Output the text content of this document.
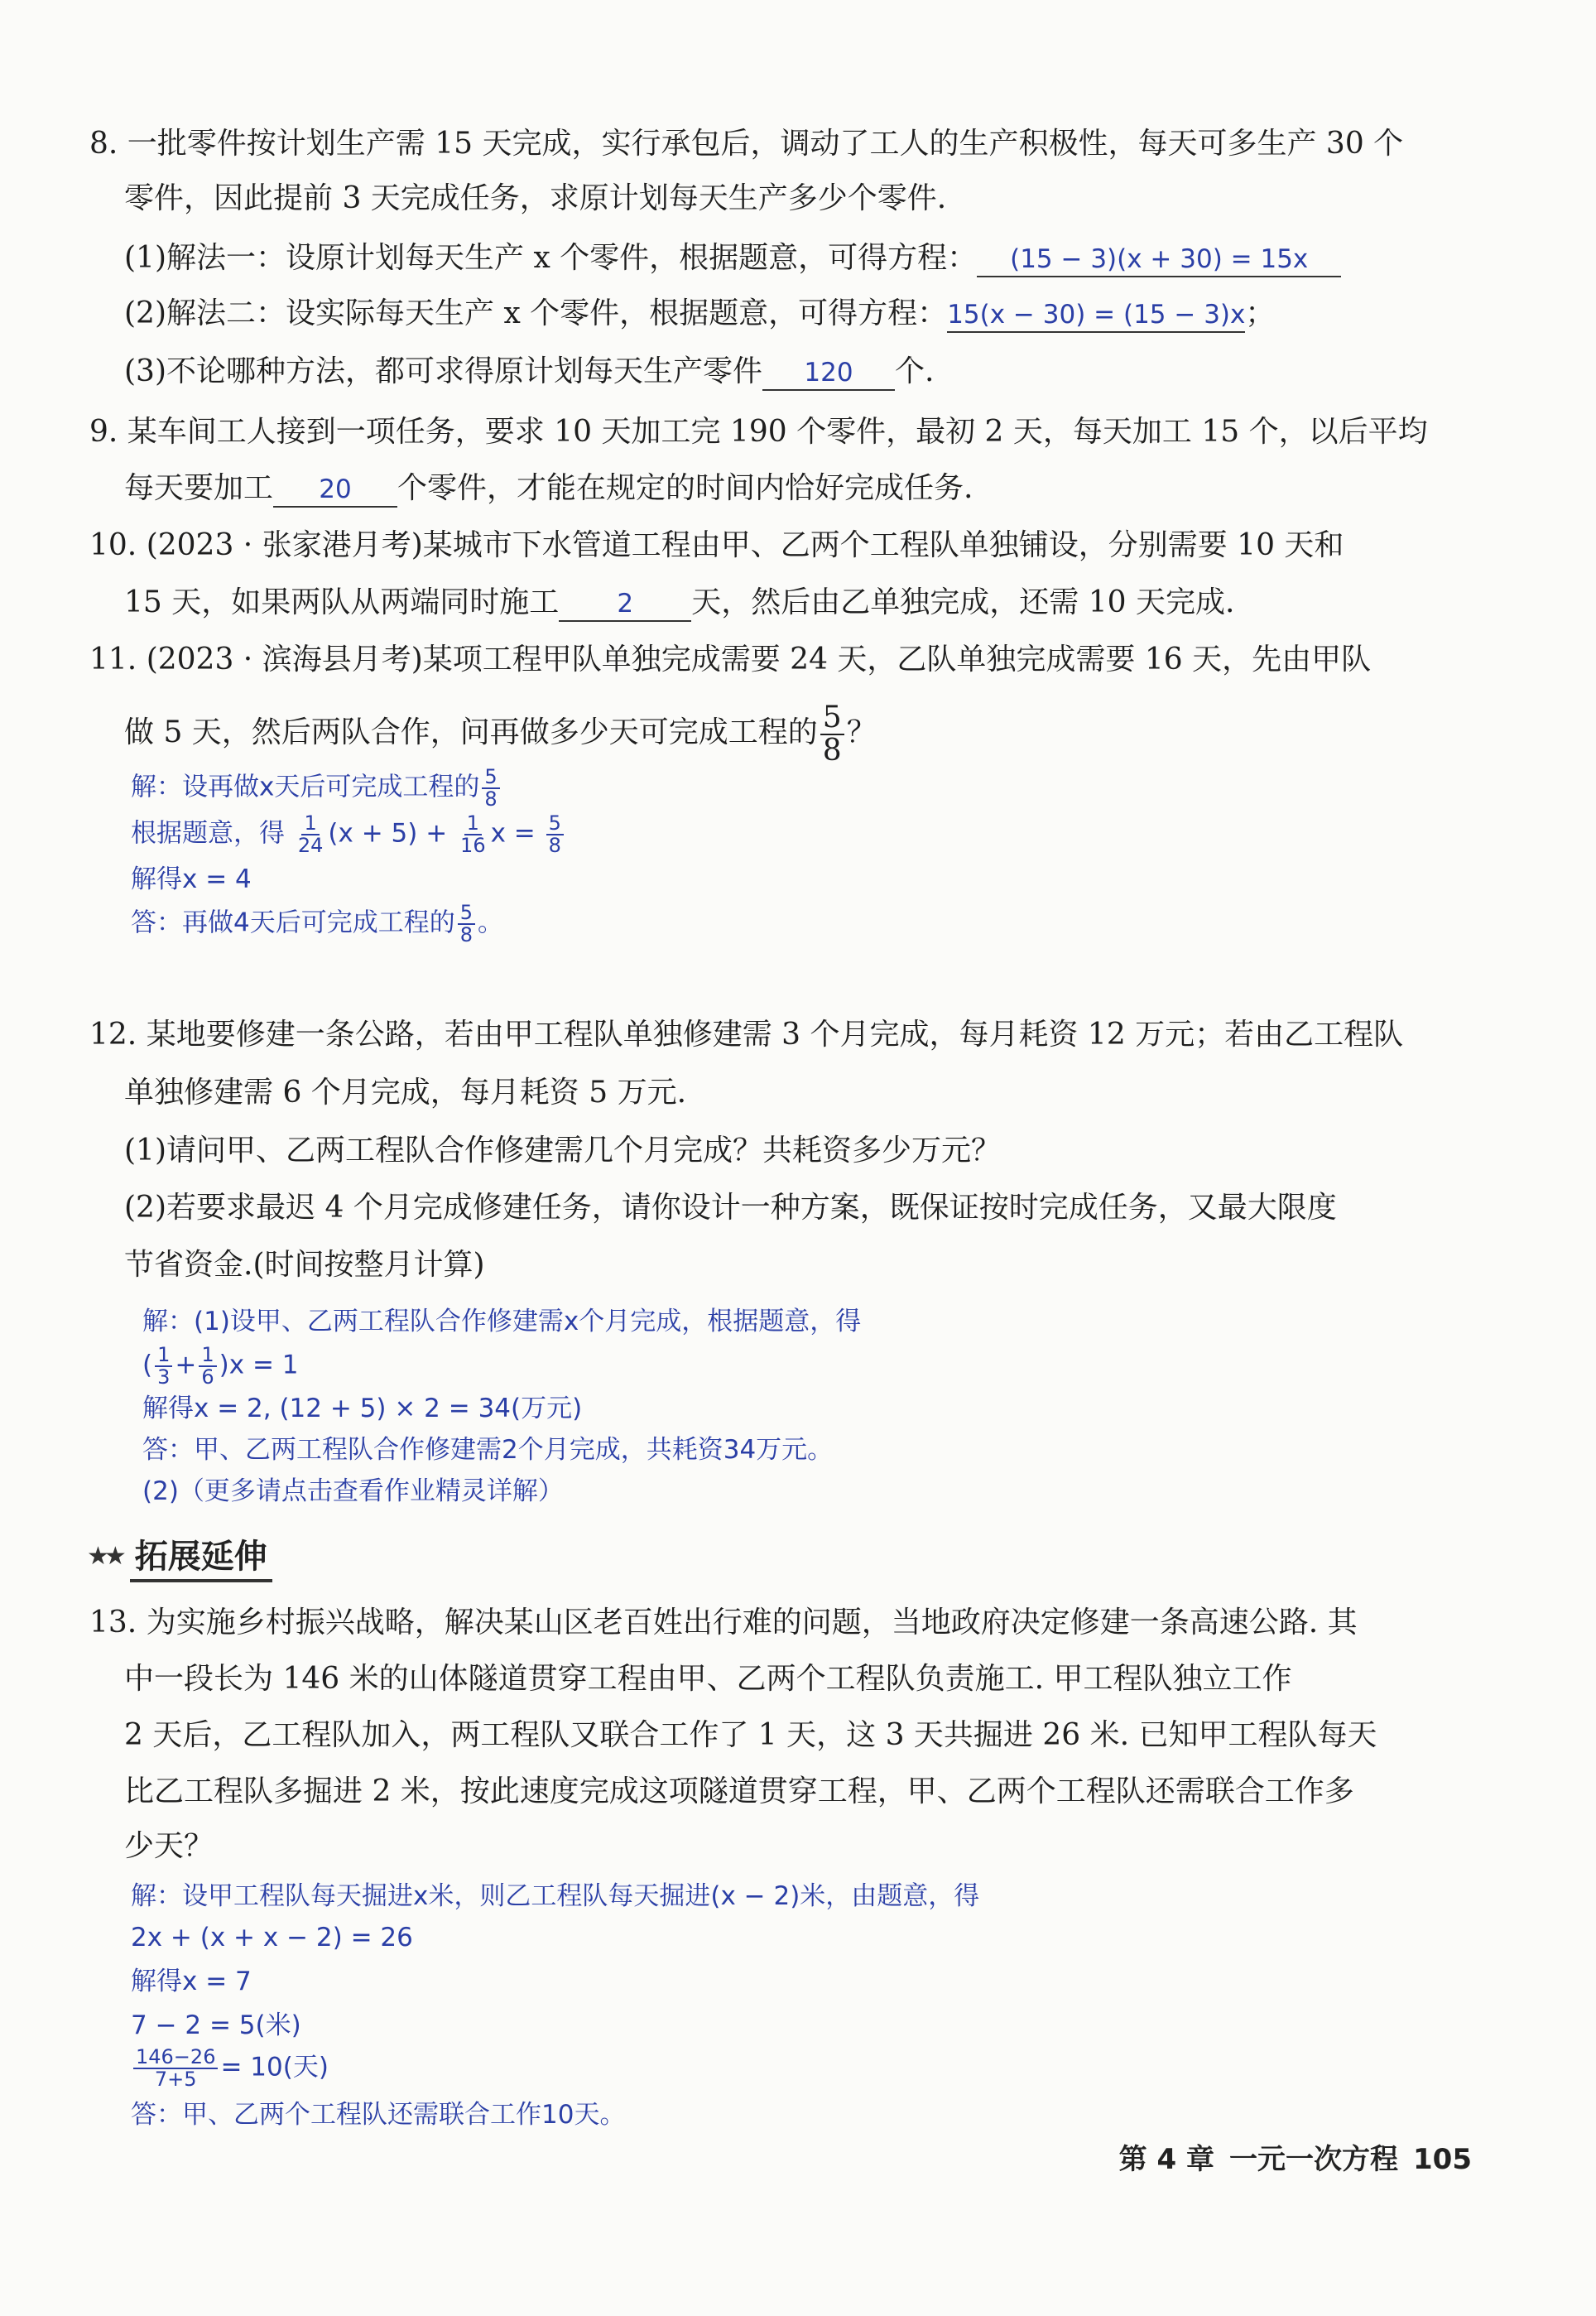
8. 一批零件按计划生产需 15 天完成，实行承包后，调动了工人的生产积极性，每天可多生产 30 个
零件，因此提前 3 天完成任务，求原计划每天生产多少个零件.
(1)解法一：设原计划每天生产 x 个零件，根据题意，可得方程： (15 − 3)(x + 30) = 15x
(2)解法二：设实际每天生产 x 个零件，根据题意，可得方程：15(x − 30) = (15 − 3)x；
(3)不论哪种方法，都可求得原计划每天生产零件 120 个.
9. 某车间工人接到一项任务，要求 10 天加工完 190 个零件，最初 2 天，每天加工 15 个，以后平均
每天要加工 20 个零件，才能在规定的时间内恰好完成任务.
10. (2023 · 张家港月考)某城市下水管道工程由甲、乙两个工程队单独铺设，分别需要 10 天和
15 天，如果两队从两端同时施工 2 天，然后由乙单独完成，还需 10 天完成.
11. (2023 · 滨海县月考)某项工程甲队单独完成需要 24 天，乙队单独完成需要 16 天，先由甲队
做 5 天，然后两队合作，问再做多少天可完成工程的 $\frac{5}{8}$ ？
解：设再做x天后可完成工程的 $\frac{5}{8}$
根据题意，得 $\frac{1}{24} (x + 5) + \frac{1}{16}$ $x = \frac{5}{8}$
解得x = 4
答：再做4天后可完成工程的 $\frac{5}{8}$ 。
12. 某地要修建一条公路，若由甲工程队单独修建需 3 个月完成，每月耗资 12 万元；若由乙工程队
单独修建需 6 个月完成，每月耗资 5 万元.
(1)请问甲、乙两工程队合作修建需几个月完成？共耗资多少万元？
(2)若要求最迟 4 个月完成修建任务，请你设计一种方案，既保证按时完成任务，又最大限度
节省资金.(时间按整月计算)
解：(1)设甲、乙两工程队合作修建需x个月完成，根据题意，得
( $\frac{1}{3} + \frac{1}{6} )x = 1$
解得x = 2, (12 + 5) × 2 = 34(万元)
答：甲、乙两工程队合作修建需2个月完成，共耗资34万元。
(2)（更多请点击查看作业精灵详解）
★★ 拓展延伸
13. 为实施乡村振兴战略，解决某山区老百姓出行难的问题，当地政府决定修建一条高速公路. 其
中一段长为 146 米的山体隧道贯穿工程由甲、乙两个工程队负责施工. 甲工程队独立工作
2 天后，乙工程队加入，两工程队又联合工作了 1 天，这 3 天共掘进 26 米. 已知甲工程队每天
比乙工程队多掘进 2 米，按此速度完成这项隧道贯穿工程，甲、乙两个工程队还需联合工作多
少天？
解：设甲工程队每天掘进x米，则乙工程队每天掘进(x − 2)米，由题意，得
2x + (x + x − 2) = 26
解得x = 7
7 − 2 = 5(米)
$\frac{146-26}{7+5} = 10$(天)
答：甲、乙两个工程队还需联合工作10天。
第 4 章 一元一次方程 105
